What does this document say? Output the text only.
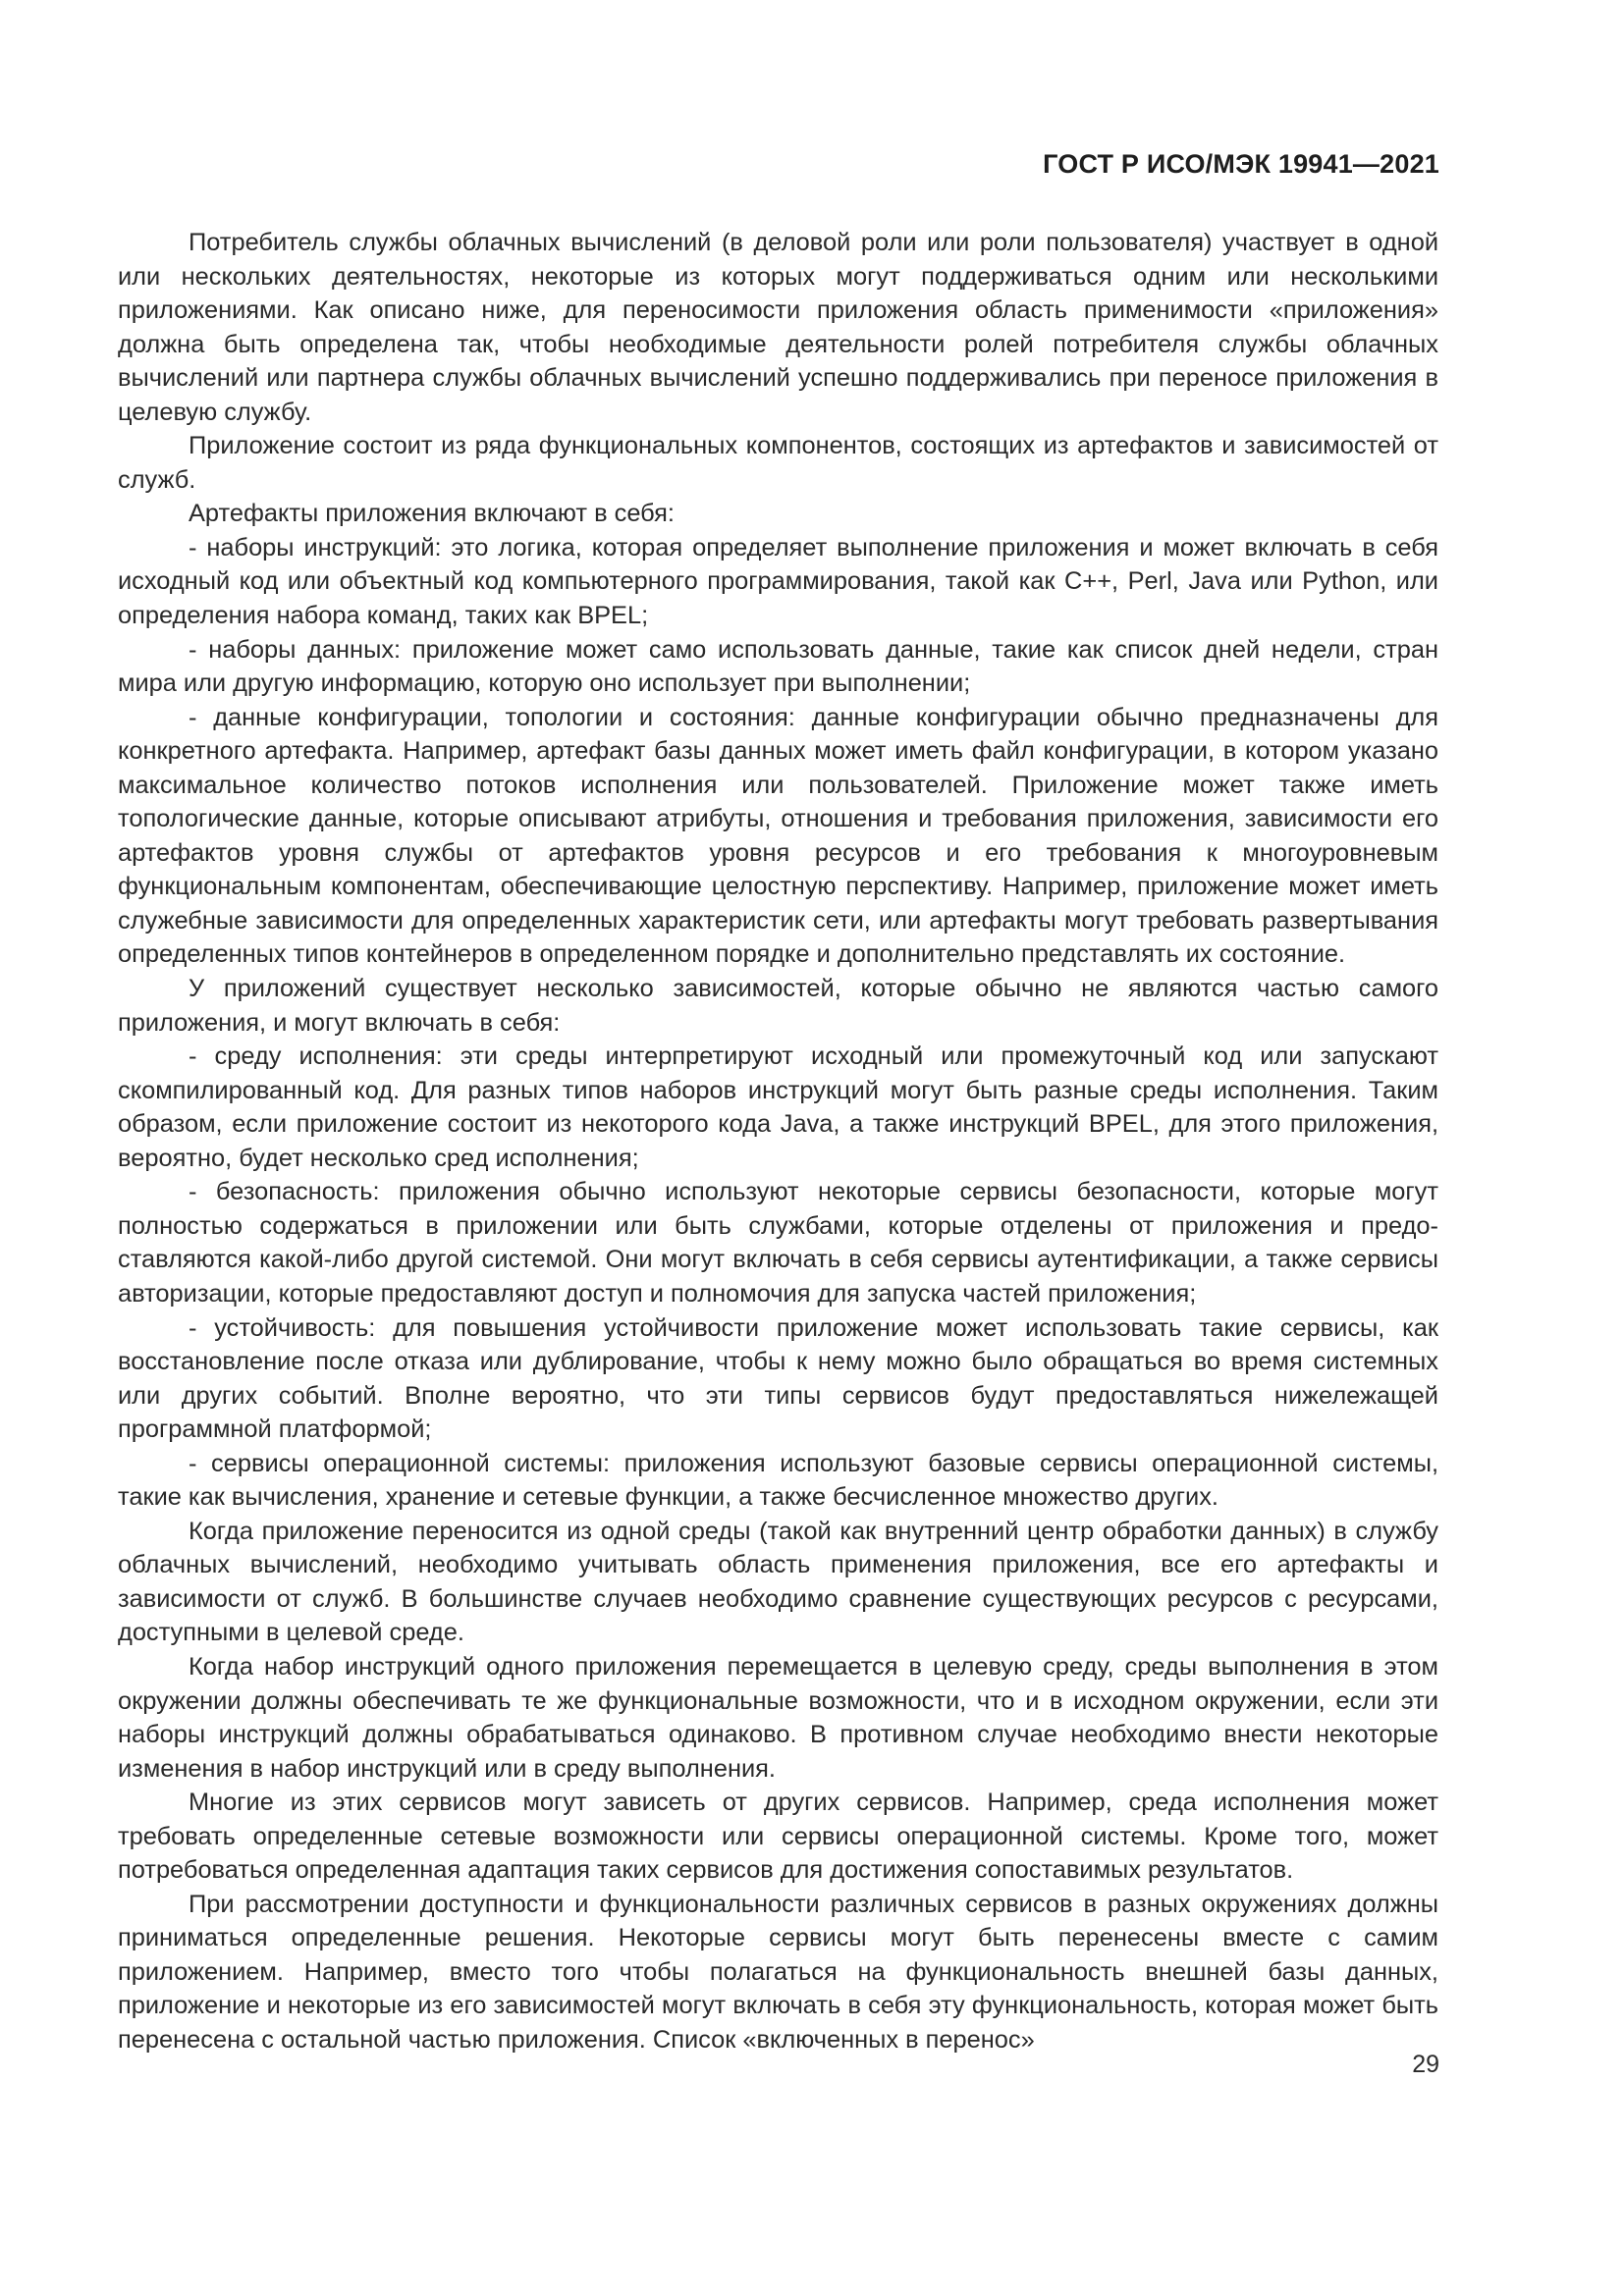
ГОСТ Р ИСО/МЭК 19941—2021

Потребитель службы облачных вычислений (в деловой роли или роли пользователя) участвует в одной или нескольких деятельностях, некоторые из которых могут поддерживаться одним или несколькими приложениями. Как описано ниже, для переносимости приложения область применимости «приложения» должна быть определена так, чтобы необходимые деятельности ролей потребителя службы облачных вычислений или партнера службы облачных вычислений успешно поддерживались при переносе приложения в целевую службу.

Приложение состоит из ряда функциональных компонентов, состоящих из артефактов и зависимостей от служб.

Артефакты приложения включают в себя:

- наборы инструкций: это логика, которая определяет выполнение приложения и может включать в себя исходный код или объектный код компьютерного программирования, такой как C++, Perl, Java или Python, или определения набора команд, таких как BPEL;

- наборы данных: приложение может само использовать данные, такие как список дней недели, стран мира или другую информацию, которую оно использует при выполнении;

- данные конфигурации, топологии и состояния: данные конфигурации обычно предназначены для конкретного артефакта. Например, артефакт базы данных может иметь файл конфигурации, в котором указано максимальное количество потоков исполнения или пользователей. Приложение может также иметь топологические данные, которые описывают атрибуты, отношения и требования приложения, зависимости его артефактов уровня службы от артефактов уровня ресурсов и его требования к многоуровневым функциональным компонентам, обеспечивающие целостную перспективу. Например, приложение может иметь служебные зависимости для определенных характеристик сети, или артефакты могут требовать развертывания определенных типов контейнеров в определенном порядке и дополнительно представлять их состояние.

У приложений существует несколько зависимостей, которые обычно не являются частью самого приложения, и могут включать в себя:

- среду исполнения: эти среды интерпретируют исходный или промежуточный код или запускают скомпилированный код. Для разных типов наборов инструкций могут быть разные среды исполнения. Таким образом, если приложение состоит из некоторого кода Java, а также инструкций BPEL, для этого приложения, вероятно, будет несколько сред исполнения;

- безопасность: приложения обычно используют некоторые сервисы безопасности, которые могут полностью содержаться в приложении или быть службами, которые отделены от приложения и предоставляются какой-либо другой системой. Они могут включать в себя сервисы аутентификации, а также сервисы авторизации, которые предоставляют доступ и полномочия для запуска частей приложения;

- устойчивость: для повышения устойчивости приложение может использовать такие сервисы, как восстановление после отказа или дублирование, чтобы к нему можно было обращаться во время системных или других событий. Вполне вероятно, что эти типы сервисов будут предоставляться нижележащей программной платформой;

- сервисы операционной системы: приложения используют базовые сервисы операционной системы, такие как вычисления, хранение и сетевые функции, а также бесчисленное множество других.

Когда приложение переносится из одной среды (такой как внутренний центр обработки данных) в службу облачных вычислений, необходимо учитывать область применения приложения, все его артефакты и зависимости от служб. В большинстве случаев необходимо сравнение существующих ресурсов с ресурсами, доступными в целевой среде.

Когда набор инструкций одного приложения перемещается в целевую среду, среды выполнения в этом окружении должны обеспечивать те же функциональные возможности, что и в исходном окружении, если эти наборы инструкций должны обрабатываться одинаково. В противном случае необходимо внести некоторые изменения в набор инструкций или в среду выполнения.

Многие из этих сервисов могут зависеть от других сервисов. Например, среда исполнения может требовать определенные сетевые возможности или сервисы операционной системы. Кроме того, может потребоваться определенная адаптация таких сервисов для достижения сопоставимых результатов.

При рассмотрении доступности и функциональности различных сервисов в разных окружениях должны приниматься определенные решения. Некоторые сервисы могут быть перенесены вместе с самим приложением. Например, вместо того чтобы полагаться на функциональность внешней базы данных, приложение и некоторые из его зависимостей могут включать в себя эту функциональность, которая может быть перенесена с остальной частью приложения. Список «включенных в перенос»

29
